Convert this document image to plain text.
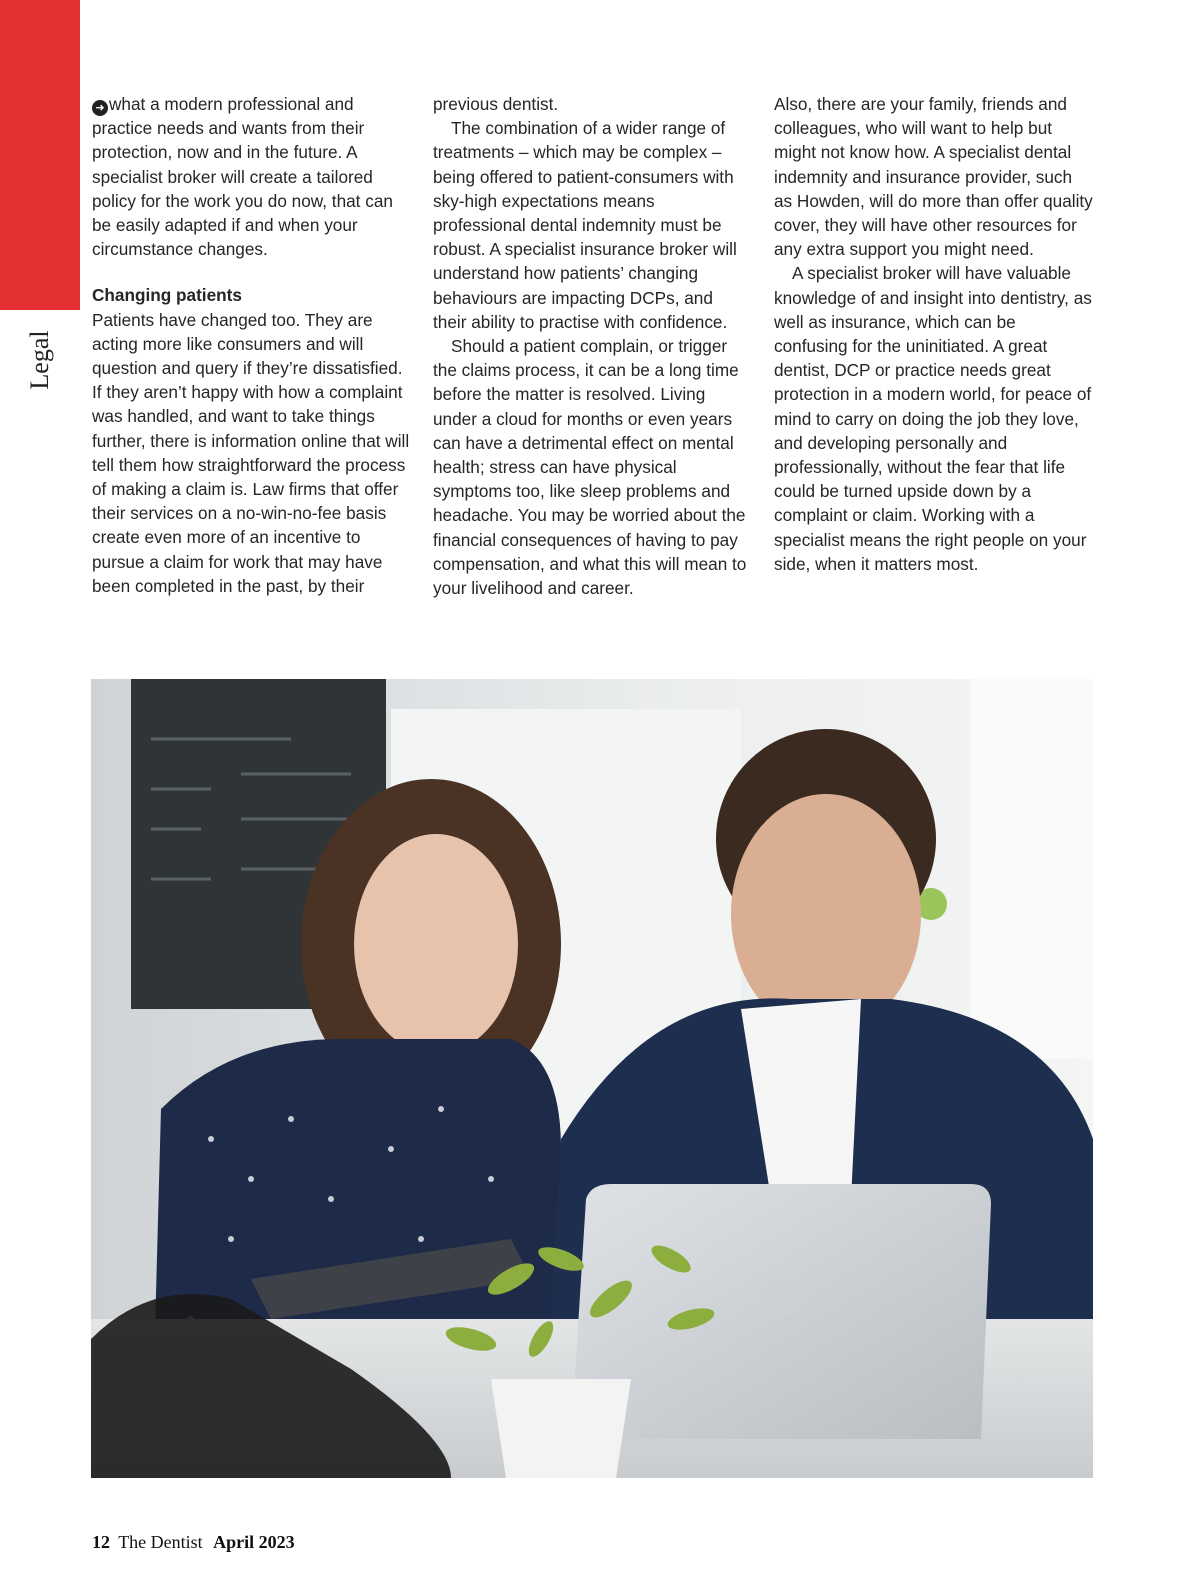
Legal

➜ what a modern professional and practice needs and wants from their protection, now and in the future. A specialist broker will create a tailored policy for the work you do now, that can be easily adapted if and when your circumstance changes.

Changing patients

Patients have changed too. They are acting more like consumers and will question and query if they’re dissatisfied. If they aren’t happy with how a complaint was handled, and want to take things further, there is information online that will tell them how straightforward the process of making a claim is. Law firms that offer their services on a no-win-no-fee basis create even more of an incentive to pursue a claim for work that may have been completed in the past, by their

previous dentist.

The combination of a wider range of treatments – which may be complex – being offered to patient-consumers with sky-high expectations means professional dental indemnity must be robust. A specialist insurance broker will understand how patients’ changing behaviours are impacting DCPs, and their ability to practise with confidence.

Should a patient complain, or trigger the claims process, it can be a long time before the matter is resolved. Living under a cloud for months or even years can have a detrimental effect on mental health; stress can have physical symptoms too, like sleep problems and headache. You may be worried about the financial consequences of having to pay compensation, and what this will mean to your livelihood and career.

Also, there are your family, friends and colleagues, who will want to help but might not know how. A specialist dental indemnity and insurance provider, such as Howden, will do more than offer quality cover, they will have other resources for any extra support you might need.

A specialist broker will have valuable knowledge of and insight into dentistry, as well as insurance, which can be confusing for the uninitiated. A great dentist, DCP or practice needs great protection in a modern world, for peace of mind to carry on doing the job they love, and developing personally and professionally, without the fear that life could be turned upside down by a complaint or claim. Working with a specialist means the right people on your side, when it matters most.

12 The Dentist April 2023
